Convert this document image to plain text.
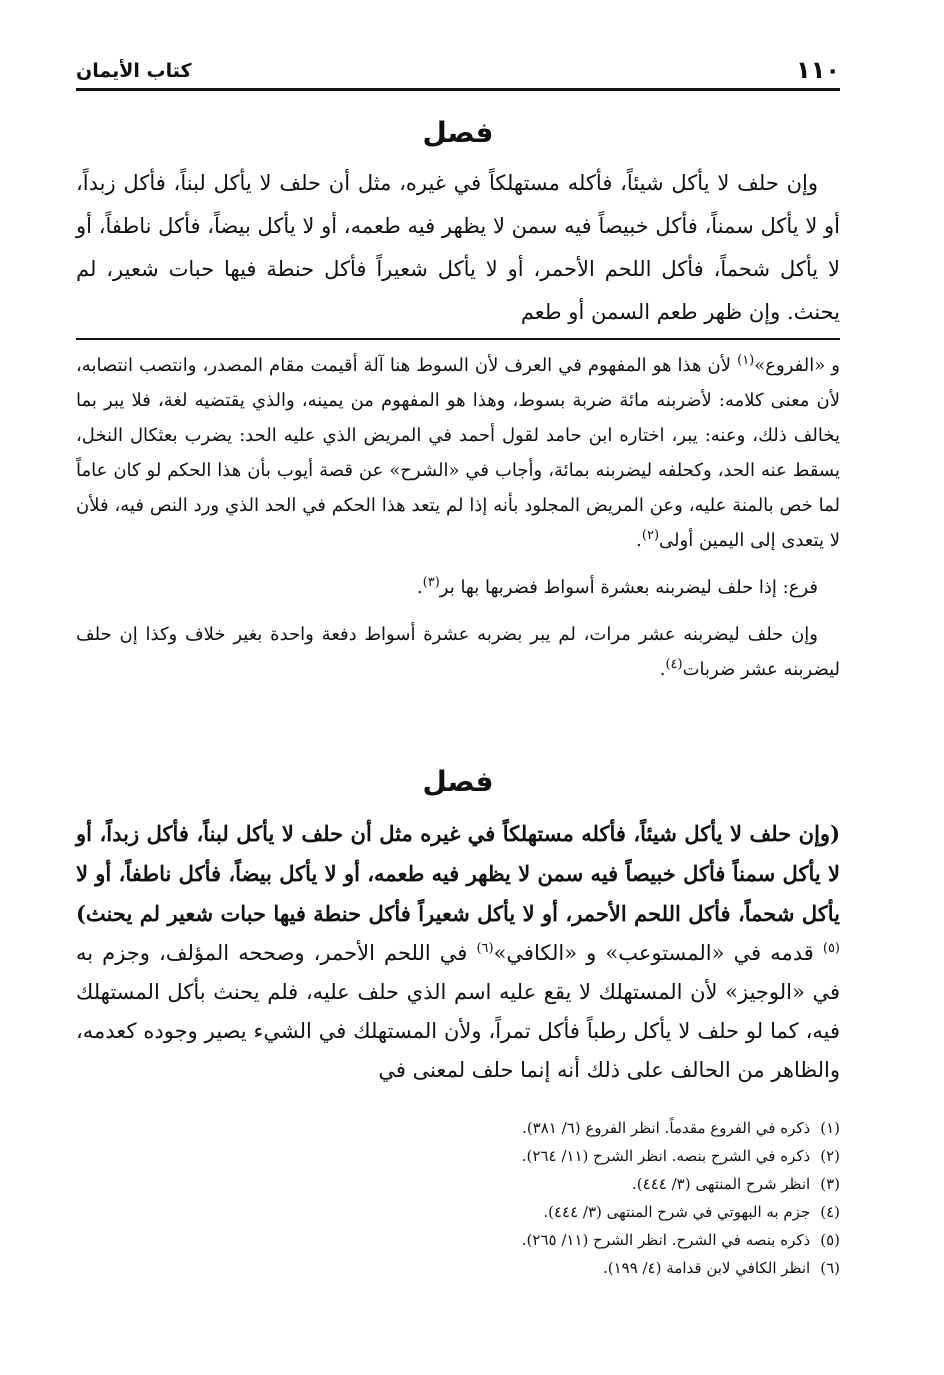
١١٠
كتاب الأيمان
فصل

وإن حلف لا يأكل شيئاً، فأكله مستهلكاً في غيره، مثل أن حلف لا يأكل لبناً، فأكل زبداً، أو لا يأكل سمناً، فأكل خبيصاً فيه سمن لا يظهر فيه طعمه، أو لا يأكل بيضاً، فأكل ناطفاً، أو لا يأكل شحماً، فأكل اللحم الأحمر، أو لا يأكل شعيراً فأكل حنطة فيها حبات شعير، لم يحنث. وإن ظهر طعم السمن أو طعم

و «الفروع»$^{(١)}$ لأن هذا هو المفهوم في العرف لأن السوط هنا آلة أقيمت مقام المصدر، وانتصب انتصابه، لأن معنى كلامه: لأضربنه مائة ضربة بسوط، وهذا هو المفهوم من يمينه، والذي يقتضيه لغة، فلا يبر بما يخالف ذلك، وعنه: يبر، اختاره ابن حامد لقول أحمد في المريض الذي عليه الحد: يضرب بعثكال النخل، يسقط عنه الحد، وكحلفه ليضربنه بمائة، وأجاب في «الشرح» عن قصة أيوب بأن هذا الحكم لو كان عاماً لما خص بالمنة عليه، وعن المريض المجلود بأنه إذا لم يتعد هذا الحكم في الحد الذي ورد النص فيه، فلأن لا يتعدى إلى اليمين أولى$^{(٢)}$.

فرع: إذا حلف ليضربنه بعشرة أسواط فضربها بها بر$^{(٣)}$.

وإن حلف ليضربنه عشر مرات، لم يبر بضربه عشرة أسواط دفعة واحدة بغير خلاف وكذا إن حلف ليضربنه عشر ضربات$^{(٤)}$.

فصل

(وإن حلف لا يأكل شيئاً، فأكله مستهلكاً في غيره مثل أن حلف لا يأكل لبناً، فأكل زبداً، أو لا يأكل سمناً فأكل خبيصاً فيه سمن لا يظهر فيه طعمه، أو لا يأكل بيضاً، فأكل ناطفاً، أو لا يأكل شحماً، فأكل اللحم الأحمر، أو لا يأكل شعيراً فأكل حنطة فيها حبات شعير لم يحنث)$^{(٥)}$ قدمه في «المستوعب» و «الكافي»$^{(٦)}$ في اللحم الأحمر، وصححه المؤلف، وجزم به في «الوجيز» لأن المستهلك لا يقع عليه اسم الذي حلف عليه، فلم يحنث بأكل المستهلك فيه، كما لو حلف لا يأكل رطباً فأكل تمراً، ولأن المستهلك في الشيء يصير وجوده كعدمه، والظاهر من الحالف على ذلك أنه إنما حلف لمعنى في

(١)ذكره في الفروع مقدماً. انظر الفروع (٦/ ٣٨١).

(٢)ذكره في الشرح بنصه. انظر الشرح (١١/ ٢٦٤).

(٣)انظر شرح المنتهى (٣/ ٤٤٤).

(٤)جزم به البهوتي في شرح المنتهى (٣/ ٤٤٤).

(٥)ذكره بنصه في الشرح. انظر الشرح (١١/ ٢٦٥).

(٦)انظر الكافي لابن قدامة (٤/ ١٩٩).
